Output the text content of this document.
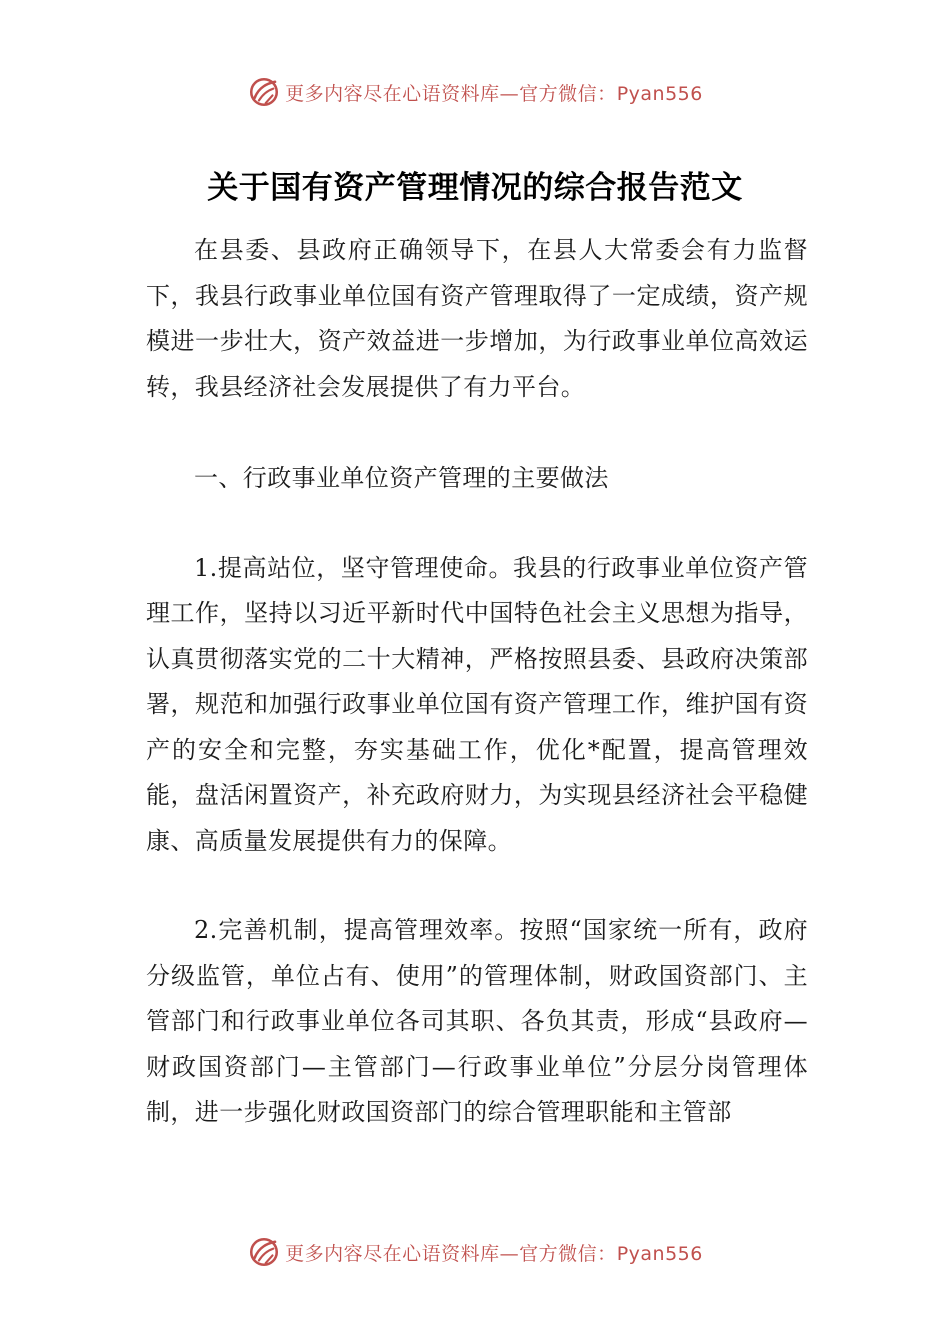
更多内容尽在心语资料库—官方微信：Pyan556
关于国有资产管理情况的综合报告范文

在县委、县政府正确领导下，在县人大常委会有力监督下，我县行政事业单位国有资产管理取得了一定成绩，资产规模进一步壮大，资产效益进一步增加，为行政事业单位高效运转，我县经济社会发展提供了有力平台。

一、行政事业单位资产管理的主要做法

1.提高站位，坚守管理使命。我县的行政事业单位资产管理工作，坚持以习近平新时代中国特色社会主义思想为指导，认真贯彻落实党的二十大精神，严格按照县委、县政府决策部署，规范和加强行政事业单位国有资产管理工作，维护国有资产的安全和完整，夯实基础工作，优化*配置，提高管理效能，盘活闲置资产，补充政府财力，为实现县经济社会平稳健康、高质量发展提供有力的保障。

2.完善机制，提高管理效率。按照“国家统一所有，政府分级监管，单位占有、使用”的管理体制，财政国资部门、主管部门和行政事业单位各司其职、各负其责，形成“县政府—财政国资部门—主管部门—行政事业单位”分层分岗管理体制，进一步强化财政国资部门的综合管理职能和主管部

更多内容尽在心语资料库—官方微信：Pyan556
